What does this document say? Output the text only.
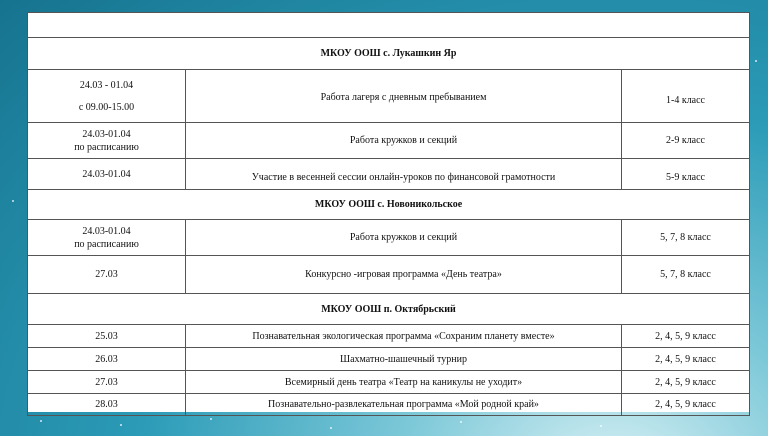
МКОУ ООШ с. Лукашкин Яр		

24.03 - 01.04
с 09.00-15.00	Работа лагеря с дневным пребыванием	1-4 класс

24.03-01.04
по расписанию	Работа кружков и секций	2-9 класс

24.03-01.04	Участие в весенней сессии онлайн-уроков по финансовой грамотности	5-9 класс
МКОУ ООШ с. Новоникольское		

24.03-01.04
по расписанию	Работа кружков и секций	5, 7, 8 класс

27.03	Конкурсно -игровая программа «День театра»	5, 7, 8 класс
МКОУ ООШ п. Октябрьский		
25.03	Познавательная экологическая программа «Сохраним планету вместе»	2, 4, 5, 9 класс
26.03	Шахматно-шашечный турнир	2, 4, 5, 9 класс
27.03	Всемирный день театра «Театр на каникулы не уходит»	2, 4, 5, 9 класс
28.03	Познавательно-развлекательная программа «Мой родной край»	2, 4, 5, 9 класс
